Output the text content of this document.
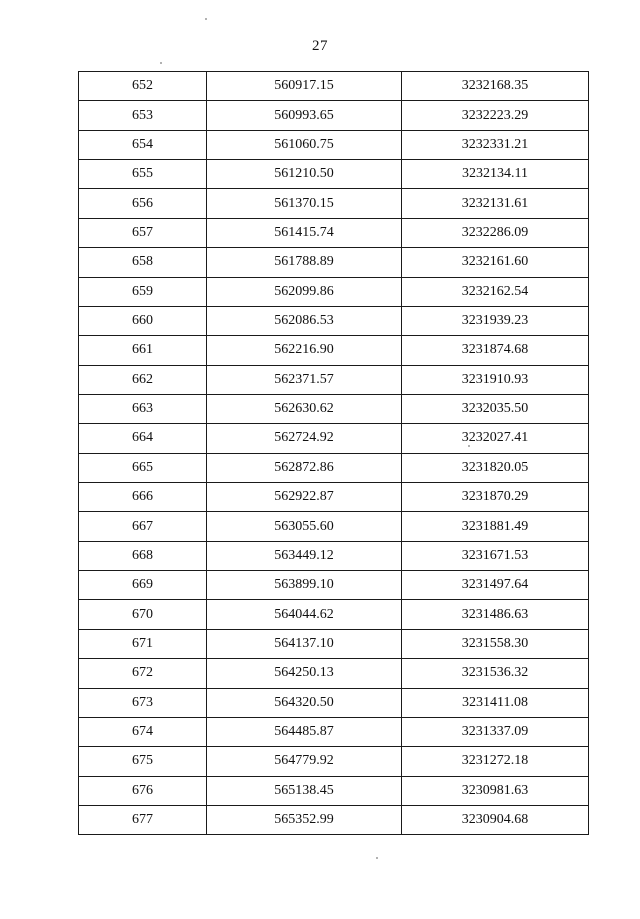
27
652	560917.15	3232168.35
653	560993.65	3232223.29
654	561060.75	3232331.21
655	561210.50	3232134.11
656	561370.15	3232131.61
657	561415.74	3232286.09
658	561788.89	3232161.60
659	562099.86	3232162.54
660	562086.53	3231939.23
661	562216.90	3231874.68
662	562371.57	3231910.93
663	562630.62	3232035.50
664	562724.92	3232027.41
665	562872.86	3231820.05
666	562922.87	3231870.29
667	563055.60	3231881.49
668	563449.12	3231671.53
669	563899.10	3231497.64
670	564044.62	3231486.63
671	564137.10	3231558.30
672	564250.13	3231536.32
673	564320.50	3231411.08
674	564485.87	3231337.09
675	564779.92	3231272.18
676	565138.45	3230981.63
677	565352.99	3230904.68
